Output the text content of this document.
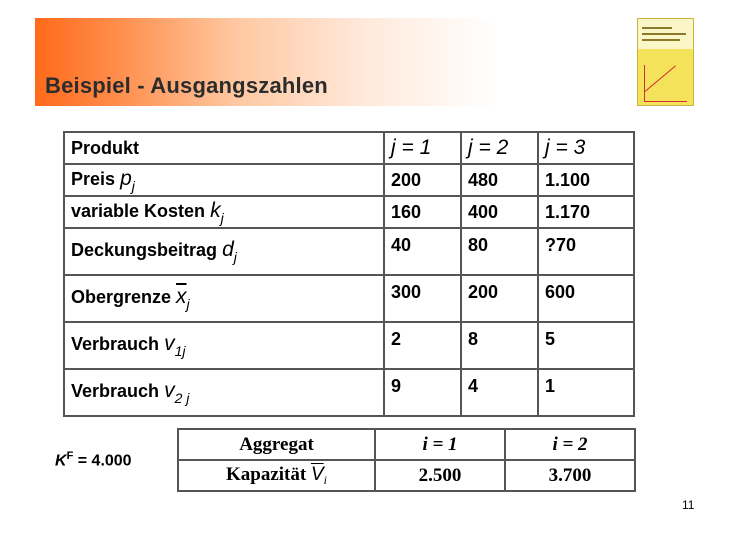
Beispiel - Ausgangszahlen
Produkt	j = 1	j = 2	j = 3
Preis $p_j$	200	480	1.100
variable Kosten $k_j$	160	400	1.170
Deckungsbeitrag $d_j$	40	80	?70
Obergrenze $\overline{x}_j$	300	200	600
Verbrauch $v_{1j}$	2	8	5
Verbrauch $v_{2 j}$	9	4	1
$K^F = 4.000$
Aggregat	i = 1	i = 2
Kapazität $\overline{V}_i$	2.500	3.700
11
